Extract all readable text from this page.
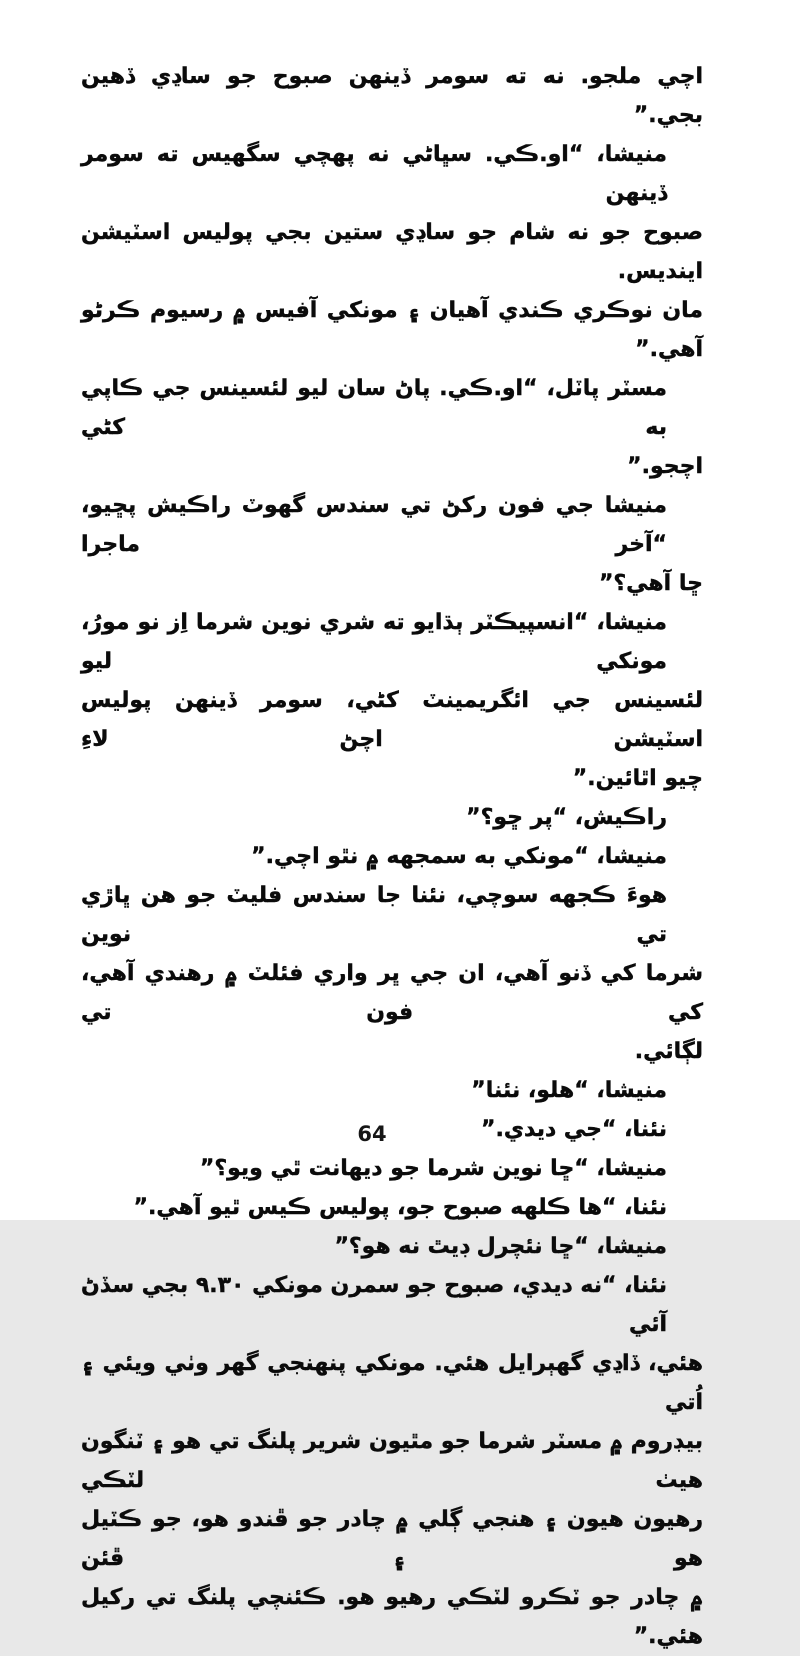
اچي ملجو. نه ته سومر ڏينهن صبوح جو ساڍي ڏهين بجي.”
منيشا، “او.ڪي. سڀاڻي نه پهچي سگهيس ته سومر ڏينهن
صبوح جو نه شام جو ساڍي ستين بجي پوليس اسٽيشن اينديس.
مان نوڪري ڪندي آهيان ۽ مونکي آفيس ۾ رسيوم ڪرڻو آهي.”
مسٽر پاٽل، “او.ڪي. پاڻ سان ليو لئسينس جي ڪاپي به کڻي
اچجو.”
منيشا جي فون رکڻ تي سندس گهوٽ راڪيش پڇيو، “آخر ماجرا
ڇا آهي؟”
منيشا، “انسپيڪٽر ٻڌايو ته شري نوين شرما اِز نو مورُ، مونکي ليو
لئسينس جي ائگريمينٽ کڻي، سومر ڏينهن پوليس اسٽيشن اچڻ لاءِ
چيو اٿائين.”
راڪيش، “پر ڇو؟”
منيشا، “مونکي به سمجهه ۾ نٿو اچي.”
هوءَ ڪجهه سوچي، نئنا جا سندس فليٽ جو هن ڀاڙي تي نوين
شرما کي ڏنو آهي، ان جي ڀر واري فئلٽ ۾ رهندي آهي، کي فون تي
لڳائي.
منيشا، “هلو، نئنا”
نئنا، “جي ديدي.”
منيشا، “ڇا نوين شرما جو ديهانت ٿي ويو؟”
نئنا، “ها ڪلهه صبوح جو، پوليس ڪيس ٿيو آهي.”
منيشا، “ڇا نئچرل ڊيٿ نه هو؟”
نئنا، “نه ديدي، صبوح جو سمرن مونکي ٩.٣٠ بجي سڏڻ آئي
هئي، ڏاڍي گهٻرايل هئي. مونکي پنهنجي گهر وٺي ويئي ۽ اُتي
بيڊروم ۾ مسٽر شرما جو مٿيون شرير پلنگ تي هو ۽ ٽنگون هيٺ لٽڪي
رهيون هيون ۽ هنجي ڳلي ۾ چادر جو ڦندو هو، جو ڪٽيل هو ۽ ڦئن
۾ چادر جو ٽڪرو لٽڪي رهيو هو. ڪئنچي پلنگ تي رکيل هئي.”
64
